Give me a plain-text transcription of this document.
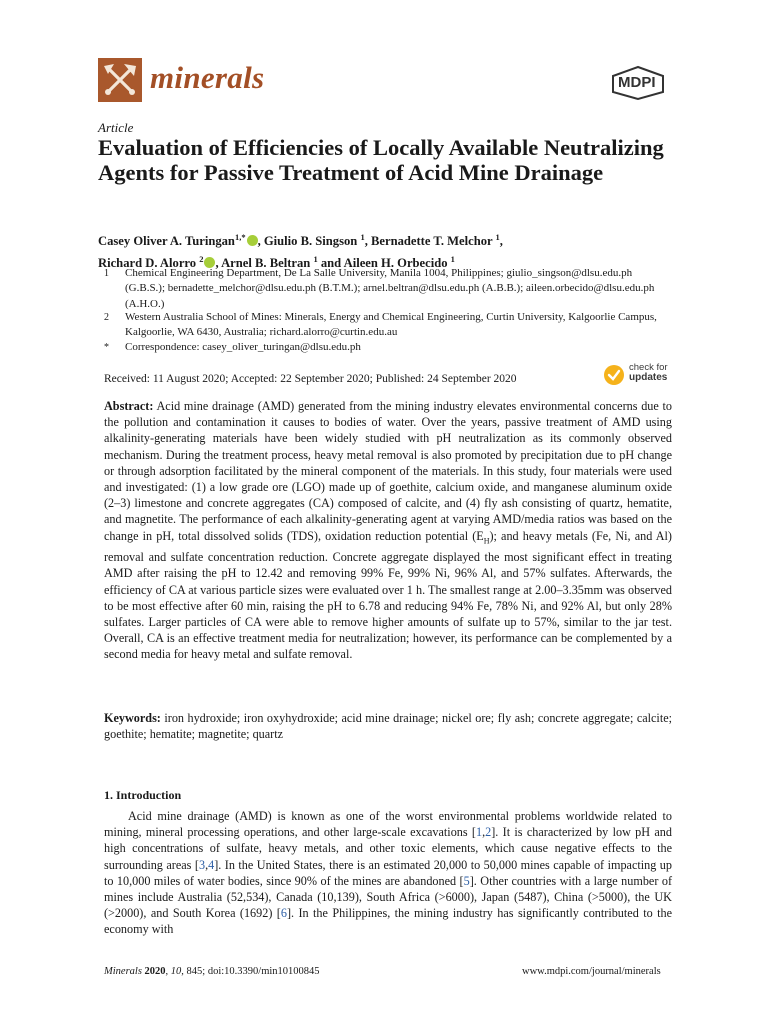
minerals	MDPI
Article
Evaluation of Efficiencies of Locally Available Neutralizing Agents for Passive Treatment of Acid Mine Drainage
Casey Oliver A. Turingan$^{1,*}$ , Giulio B. Singson $^1$, Bernadette T. Melchor $^1$,
Richard D. Alorro $^2$ , Arnel B. Beltran $^1$ and Aileen H. Orbecido $^1$
1 Chemical Engineering Department, De La Salle University, Manila 1004, Philippines; giulio_singson@dlsu.edu.ph (G.B.S.); bernadette_melchor@dlsu.edu.ph (B.T.M.); arnel.beltran@dlsu.edu.ph (A.B.B.); aileen.orbecido@dlsu.edu.ph (A.H.O.)
2 Western Australia School of Mines: Minerals, Energy and Chemical Engineering, Curtin University, Kalgoorlie Campus, Kalgoorlie, WA 6430, Australia; richard.alorro@curtin.edu.au
* Correspondence: casey_oliver_turingan@dlsu.edu.ph
Received: 11 August 2020; Accepted: 22 September 2020; Published: 24 September 2020
check for
updates
Abstract: Acid mine drainage (AMD) generated from the mining industry elevates environmental concerns due to the pollution and contamination it causes to bodies of water. Over the years, passive treatment of AMD using alkalinity-generating materials have been widely studied with pH neutralization as its commonly observed mechanism. During the treatment process, heavy metal removal is also promoted by precipitation due to pH change or through adsorption facilitated by the mineral component of the materials. In this study, four materials were used and investigated: (1) a low grade ore (LGO) made up of goethite, calcium oxide, and manganese aluminum oxide (2–3) limestone and concrete aggregates (CA) composed of calcite, and (4) fly ash consisting of quartz, hematite, and magnetite. The performance of each alkalinity-generating agent at varying AMD/media ratios was based on the change in pH, total dissolved solids (TDS), oxidation reduction potential $(E_H)$; and heavy metals (Fe, Ni, and Al) removal and sulfate concentration reduction. Concrete aggregate displayed the most significant effect in treating AMD after raising the pH to 12.42 and removing 99% Fe, 99% Ni, 96% Al, and 57% sulfates. Afterwards, the efficiency of CA at various particle sizes were evaluated over 1 h. The smallest range at 2.00–3.35mm was observed to be most effective after 60 min, raising the pH to 6.78 and reducing 94% Fe, 78% Ni, and 92% Al, but only 28% sulfates. Larger particles of CA were able to remove higher amounts of sulfate up to 57%, similar to the jar test. Overall, CA is an effective treatment media for neutralization; however, its performance can be complemented by a second media for heavy metal and sulfate removal.
Keywords: iron hydroxide; iron oxyhydroxide; acid mine drainage; nickel ore; fly ash; concrete aggregate; calcite; goethite; hematite; magnetite; quartz
1. Introduction
Acid mine drainage (AMD) is known as one of the worst environmental problems worldwide related to mining, mineral processing operations, and other large-scale excavations [1,2]. It is characterized by low pH and high concentrations of sulfate, heavy metals, and other toxic elements, which cause negative effects to the surrounding areas [3,4]. In the United States, there is an estimated 20,000 to 50,000 mines capable of impacting up to 10,000 miles of water bodies, since 90% of the mines are abandoned [5]. Other countries with a large number of mines include Australia (52,534), Canada (10,139), South Africa (>6000), Japan (5487), China (>5000), the UK (>2000), and South Korea (1692) [6]. In the Philippines, the mining industry has significantly contributed to the economy with
Minerals 2020, 10, 845; doi:10.3390/min10100845	www.mdpi.com/journal/minerals
